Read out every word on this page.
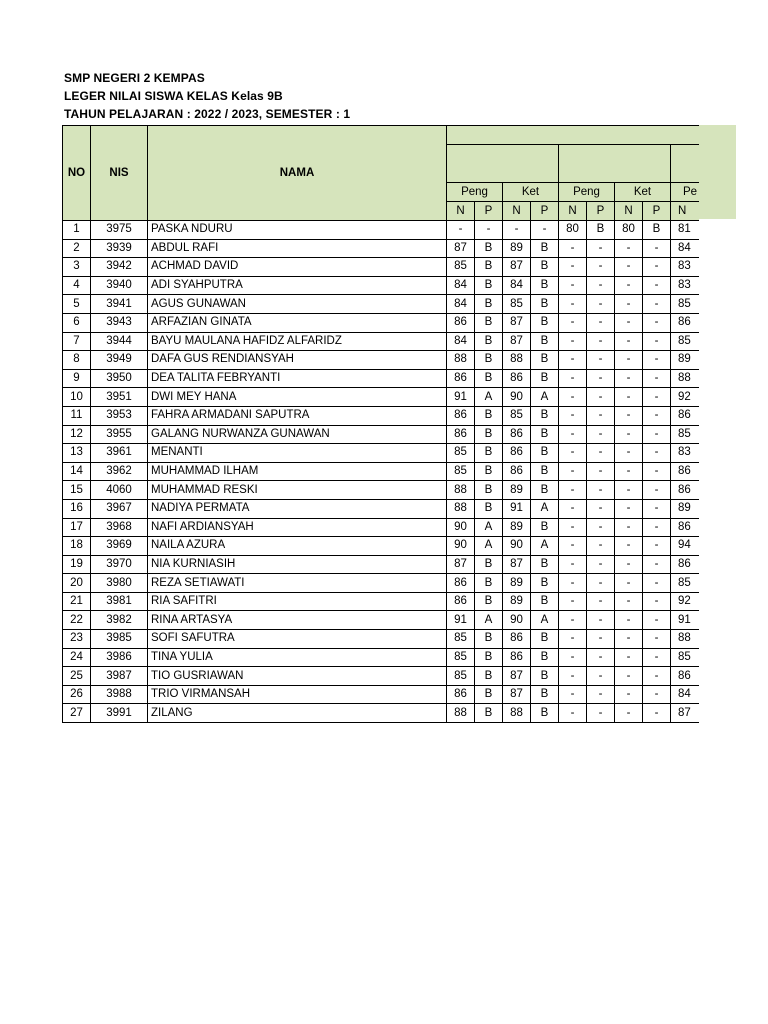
SMP NEGERI 2 KEMPAS
LEGER NILAI SISWA KELAS Kelas 9B
TAHUN PELAJARAN : 2022 / 2023, SEMESTER : 1
NO	NIS	NAMA									

			Peng		Ket		Peng		Ket		Pe
			N	P	N	P	N	P	N	P	N
1	3975	PASKA NDURU	-	-	-	-	80	B	80	B	81
2	3939	ABDUL RAFI	87	B	89	B	-	-	-	-	84
3	3942	ACHMAD DAVID	85	B	87	B	-	-	-	-	83
4	3940	ADI SYAHPUTRA	84	B	84	B	-	-	-	-	83
5	3941	AGUS GUNAWAN	84	B	85	B	-	-	-	-	85
6	3943	ARFAZIAN GINATA	86	B	87	B	-	-	-	-	86
7	3944	BAYU MAULANA HAFIDZ ALFARIDZ	84	B	87	B	-	-	-	-	85
8	3949	DAFA GUS RENDIANSYAH	88	B	88	B	-	-	-	-	89
9	3950	DEA TALITA FEBRYANTI	86	B	86	B	-	-	-	-	88
10	3951	DWI MEY HANA	91	A	90	A	-	-	-	-	92
11	3953	FAHRA ARMADANI SAPUTRA	86	B	85	B	-	-	-	-	86
12	3955	GALANG NURWANZA GUNAWAN	86	B	86	B	-	-	-	-	85
13	3961	MENANTI	85	B	86	B	-	-	-	-	83
14	3962	MUHAMMAD ILHAM	85	B	86	B	-	-	-	-	86
15	4060	MUHAMMAD RESKI	88	B	89	B	-	-	-	-	86
16	3967	NADIYA PERMATA	88	B	91	A	-	-	-	-	89
17	3968	NAFI ARDIANSYAH	90	A	89	B	-	-	-	-	86
18	3969	NAILA AZURA	90	A	90	A	-	-	-	-	94
19	3970	NIA KURNIASIH	87	B	87	B	-	-	-	-	86
20	3980	REZA SETIAWATI	86	B	89	B	-	-	-	-	85
21	3981	RIA SAFITRI	86	B	89	B	-	-	-	-	92
22	3982	RINA ARTASYA	91	A	90	A	-	-	-	-	91
23	3985	SOFI SAFUTRA	85	B	86	B	-	-	-	-	88
24	3986	TINA YULIA	85	B	86	B	-	-	-	-	85
25	3987	TIO GUSRIAWAN	85	B	87	B	-	-	-	-	86
26	3988	TRIO VIRMANSAH	86	B	87	B	-	-	-	-	84
27	3991	ZILANG	88	B	88	B	-	-	-	-	87
